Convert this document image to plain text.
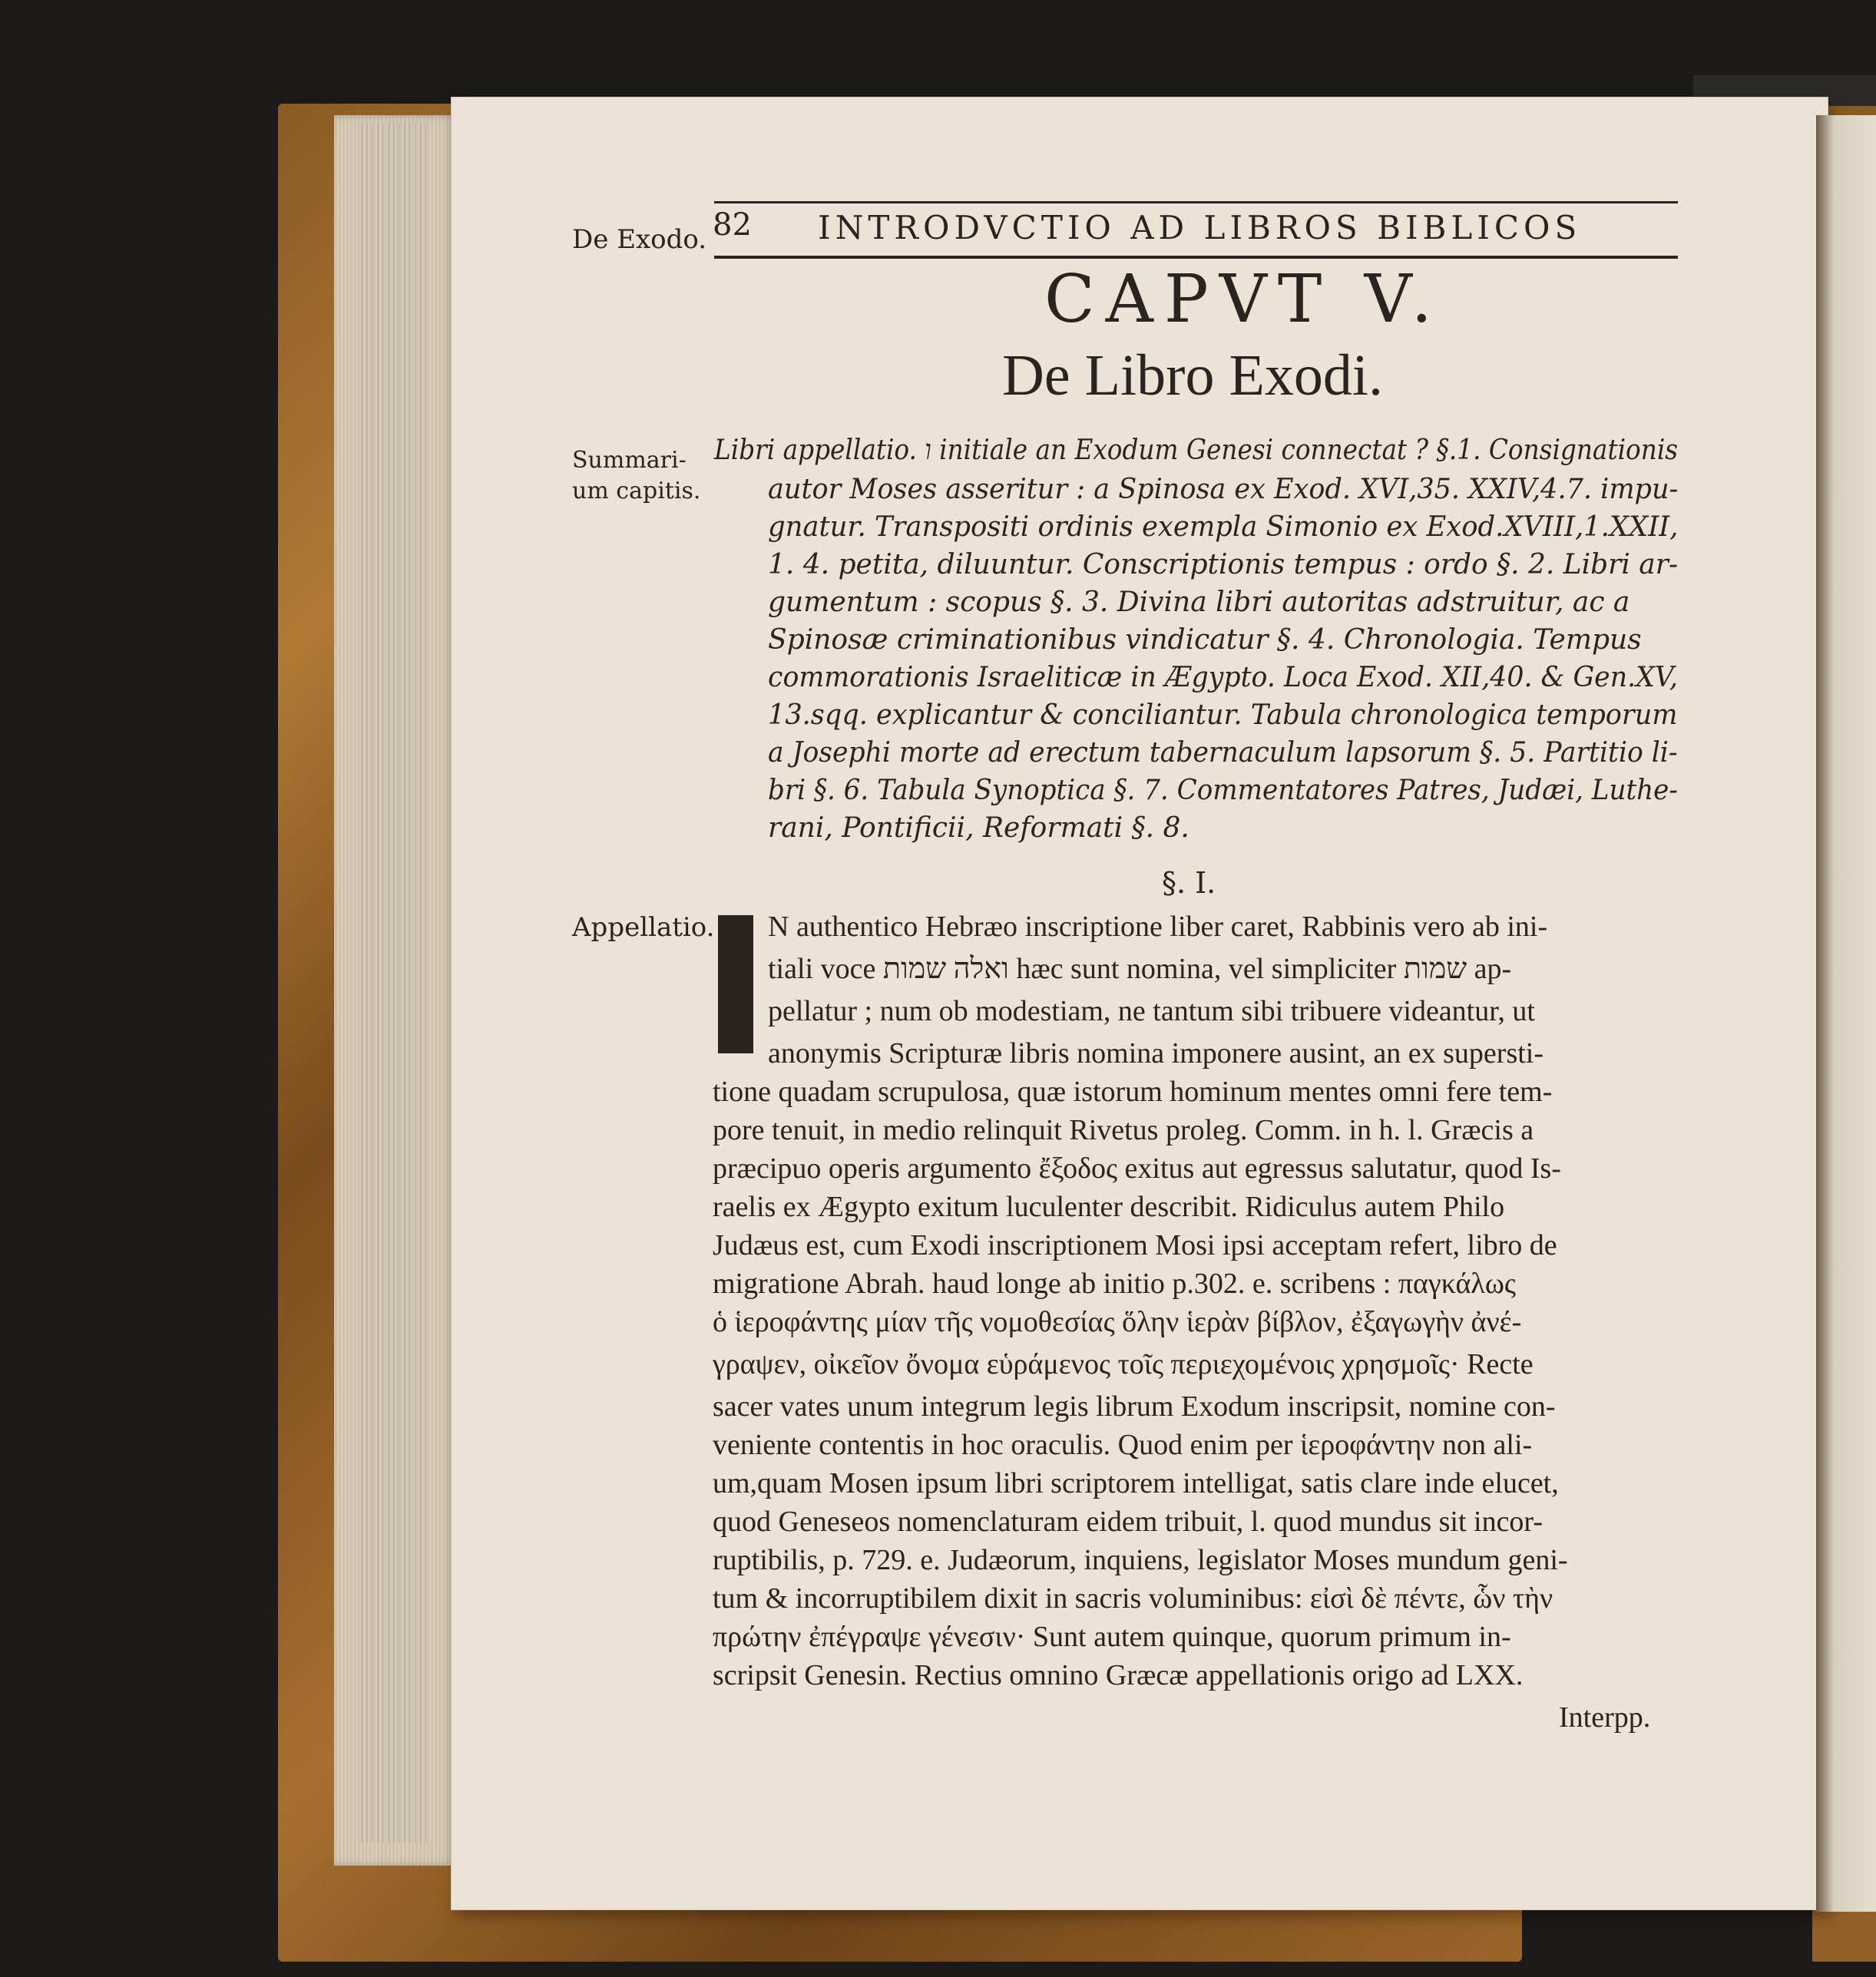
De Exodo. 82 INTRODVCTIO AD LIBROS BIBLICOS
CAPVT V.
De Libro Exodi.
Summari-
um capitis.
Libri appellatio. ו initiale an Exodum Genesi connectat ? §.1. Consignationis
autor Moses asseritur : a Spinosa ex Exod. XVI,35. XXIV,4.7. impu-
gnatur. Transpositi ordinis exempla Simonio ex Exod.XVIII,1.XXII,
1. 4. petita, diluuntur. Conscriptionis tempus : ordo §. 2. Libri ar-
gumentum : scopus §. 3. Divina libri autoritas adstruitur, ac a
Spinosæ criminationibus vindicatur §. 4. Chronologia. Tempus
commorationis Israeliticæ in Ægypto. Loca Exod. XII,40. & Gen.XV,
13.sqq. explicantur & conciliantur. Tabula chronologica temporum
a Josephi morte ad erectum tabernaculum lapsorum §. 5. Partitio li-
bri §. 6. Tabula Synoptica §. 7. Commentatores Patres, Judæi, Luthe-
rani, Pontificii, Reformati §. 8.
§. I.
Appellatio. N authentico Hebræo inscriptione liber caret, Rabbinis vero ab ini-
tiali voce ואלה שמות hæc sunt nomina, vel simpliciter שמות ap-
pellatur ; num ob modestiam, ne tantum sibi tribuere videantur, ut
anonymis Scripturæ libris nomina imponere ausint, an ex supersti-
tione quadam scrupulosa, quæ istorum hominum mentes omni fere tem-
pore tenuit, in medio relinquit Rivetus proleg. Comm. in h. l. Græcis a
præcipuo operis argumento ἔξοδος exitus aut egressus salutatur, quod Is-
raelis ex Ægypto exitum luculenter describit. Ridiculus autem Philo
Judæus est, cum Exodi inscriptionem Mosi ipsi acceptam refert, libro de
migratione Abrah. haud longe ab initio p.302. e. scribens : παγκάλως
ὁ ἱεροφάντης μίαν τῆς νομοθεσίας ὅλην ἱερὰν βίβλον, ἐξαγωγὴν ἀνέ-
γραψεν, οἰκεῖον ὄνομα εὑράμενος τοῖς περιεχομένοις χρησμοῖς· Recte
sacer vates unum integrum legis librum Exodum inscripsit, nomine con-
veniente contentis in hoc oraculis. Quod enim per ἱεροφάντην non ali-
um,quam Mosen ipsum libri scriptorem intelligat, satis clare inde elucet,
quod Geneseos nomenclaturam eidem tribuit, l. quod mundus sit incor-
ruptibilis, p. 729. e. Judæorum, inquiens, legislator Moses mundum geni-
tum & incorruptibilem dixit in sacris voluminibus: εἰσὶ δὲ πέντε, ὧν τὴν
πρώτην ἐπέγραψε γένεσιν· Sunt autem quinque, quorum primum in-
scripsit Genesin. Rectius omnino Græcæ appellationis origo ad LXX.
Interpp.
